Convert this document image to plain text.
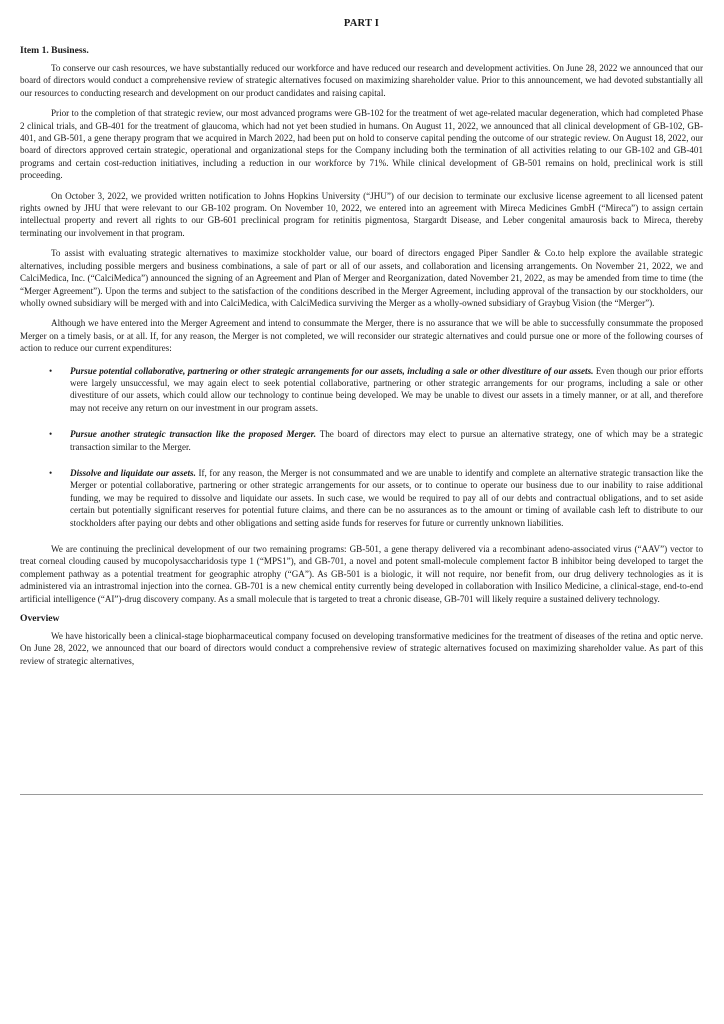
PART I
Item 1. Business.

To conserve our cash resources, we have substantially reduced our workforce and have reduced our research and development activities. On June 28, 2022 we announced that our board of directors would conduct a comprehensive review of strategic alternatives focused on maximizing shareholder value. Prior to this announcement, we had devoted substantially all our resources to conducting research and development on our product candidates and raising capital.

Prior to the completion of that strategic review, our most advanced programs were GB-102 for the treatment of wet age-related macular degeneration, which had completed Phase 2 clinical trials, and GB-401 for the treatment of glaucoma, which had not yet been studied in humans. On August 11, 2022, we announced that all clinical development of GB-102, GB-401, and GB-501, a gene therapy program that we acquired in March 2022, had been put on hold to conserve capital pending the outcome of our strategic review. On August 18, 2022, our board of directors approved certain strategic, operational and organizational steps for the Company including both the termination of all activities relating to our GB-102 and GB-401 programs and certain cost-reduction initiatives, including a reduction in our workforce by 71%. While clinical development of GB-501 remains on hold, preclinical work is still proceeding.

On October 3, 2022, we provided written notification to Johns Hopkins University (“JHU”) of our decision to terminate our exclusive license agreement to all licensed patent rights owned by JHU that were relevant to our GB-102 program. On November 10, 2022, we entered into an agreement with Mireca Medicines GmbH (“Mireca”) to assign certain intellectual property and revert all rights to our GB-601 preclinical program for retinitis pigmentosa, Stargardt Disease, and Leber congenital amaurosis back to Mireca, thereby terminating our involvement in that program.

To assist with evaluating strategic alternatives to maximize stockholder value, our board of directors engaged Piper Sandler & Co.to help explore the available strategic alternatives, including possible mergers and business combinations, a sale of part or all of our assets, and collaboration and licensing arrangements. On November 21, 2022, we and CalciMedica, Inc. (“CalciMedica”) announced the signing of an Agreement and Plan of Merger and Reorganization, dated November 21, 2022, as may be amended from time to time (the “Merger Agreement”). Upon the terms and subject to the satisfaction of the conditions described in the Merger Agreement, including approval of the transaction by our stockholders, our wholly owned subsidiary will be merged with and into CalciMedica, with CalciMedica surviving the Merger as a wholly-owned subsidiary of Graybug Vision (the “Merger”).

Although we have entered into the Merger Agreement and intend to consummate the Merger, there is no assurance that we will be able to successfully consummate the proposed Merger on a timely basis, or at all. If, for any reason, the Merger is not completed, we will reconsider our strategic alternatives and could pursue one or more of the following courses of action to reduce our current expenditures:

• Pursue potential collaborative, partnering or other strategic arrangements for our assets, including a sale or other divestiture of our assets. Even though our prior efforts were largely unsuccessful, we may again elect to seek potential collaborative, partnering or other strategic arrangements for our programs, including a sale or other divestiture of our assets, which could allow our technology to continue being developed. We may be unable to divest our assets in a timely manner, or at all, and therefore may not receive any return on our investment in our program assets.
• Pursue another strategic transaction like the proposed Merger. The board of directors may elect to pursue an alternative strategy, one of which may be a strategic transaction similar to the Merger.
• Dissolve and liquidate our assets. If, for any reason, the Merger is not consummated and we are unable to identify and complete an alternative strategic transaction like the Merger or potential collaborative, partnering or other strategic arrangements for our assets, or to continue to operate our business due to our inability to raise additional funding, we may be required to dissolve and liquidate our assets. In such case, we would be required to pay all of our debts and contractual obligations, and to set aside certain but potentially significant reserves for potential future claims, and there can be no assurances as to the amount or timing of available cash left to distribute to our stockholders after paying our debts and other obligations and setting aside funds for reserves for future or currently unknown liabilities.

We are continuing the preclinical development of our two remaining programs: GB-501, a gene therapy delivered via a recombinant adeno-associated virus (“AAV”) vector to treat corneal clouding caused by mucopolysaccharidosis type 1 (“MPS1”), and GB-701, a novel and potent small-molecule complement factor B inhibitor being developed to target the complement pathway as a potential treatment for geographic atrophy (“GA”). As GB-501 is a biologic, it will not require, nor benefit from, our drug delivery technologies as it is administered via an intrastromal injection into the cornea. GB-701 is a new chemical entity currently being developed in collaboration with Insilico Medicine, a clinical-stage, end-to-end artificial intelligence (“AI”)-drug discovery company. As a small molecule that is targeted to treat a chronic disease, GB-701 will likely require a sustained delivery technology.

Overview

We have historically been a clinical-stage biopharmaceutical company focused on developing transformative medicines for the treatment of diseases of the retina and optic nerve. On June 28, 2022, we announced that our board of directors would conduct a comprehensive review of strategic alternatives focused on maximizing shareholder value. As part of this review of strategic alternatives,
